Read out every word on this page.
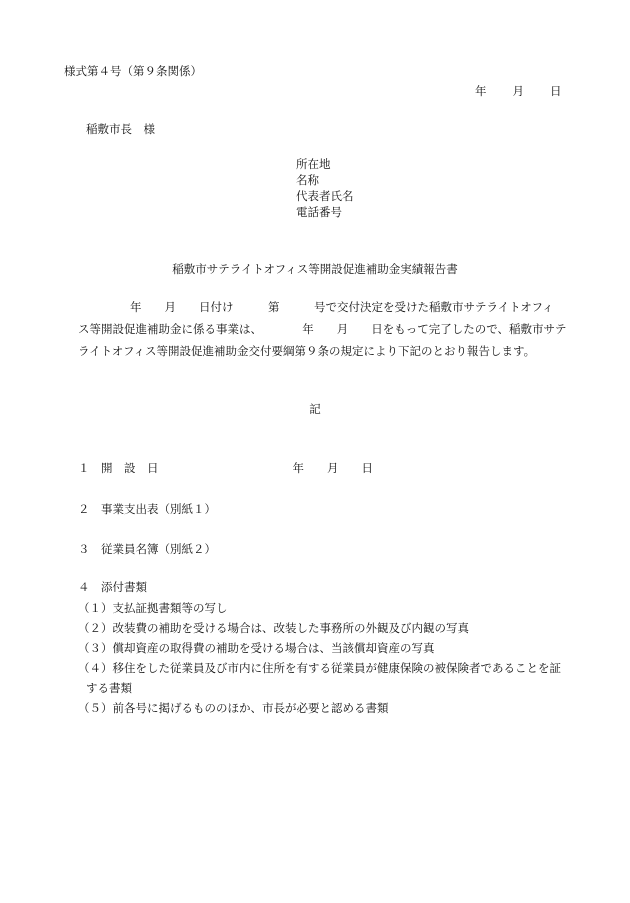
様式第４号（第９条関係）
年 月 日
稲敷市長　様
所在地
名称
代表者氏名
電話番号
稲敷市サテライトオフィス等開設促進補助金実績報告書
年　　月　　日付け　　　第　　　号で交付決定を受けた稲敷市サテライトオフィ
ス等開設促進補助金に係る事業は、　　　　年　　月　　日をもって完了したので、稲敷市サテ
ライトオフィス等開設促進補助金交付要綱第９条の規定により下記のとおり報告します。
記
１　開　設　日	年　　月　　日
２　事業支出表（別紙１）
３　従業員名簿（別紙２）
４　添付書類
（１）支払証拠書類等の写し
（２）改装費の補助を受ける場合は、改装した事務所の外観及び内観の写真
（３）償却資産の取得費の補助を受ける場合は、当該償却資産の写真
（４）移住をした従業員及び市内に住所を有する従業員が健康保険の被保険者であることを証
する書類
（５）前各号に掲げるもののほか、市長が必要と認める書類
